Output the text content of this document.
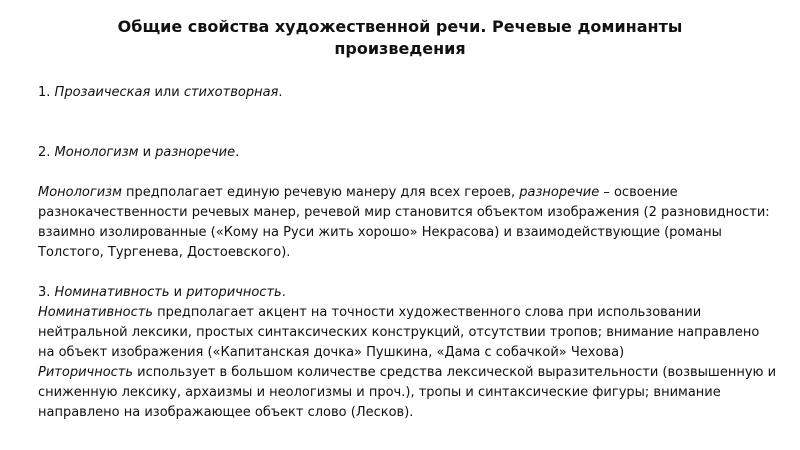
Общие свойства художественной речи. Речевые доминанты произведения

1. Прозаическая или стихотворная.

2. Монологизм и разноречие.

Монологизм предполагает единую речевую манеру для всех героев, разноречие – освоение разнокачественности речевых манер, речевой мир становится объектом изображения (2 разновидности: взаимно изолированные («Кому на Руси жить хорошо» Некрасова) и взаимодействующие (романы Толстого, Тургенева, Достоевского).

3. Номинативность и риторичность.

Номинативность предполагает акцент на точности художественного слова при использовании нейтральной лексики, простых синтаксических конструкций, отсутствии тропов; внимание направлено на объект изображения («Капитанская дочка» Пушкина, «Дама с собачкой» Чехова)

Риторичность использует в большом количестве средства лексической выразительности (возвышенную и сниженную лексику, архаизмы и неологизмы и проч.), тропы и синтаксические фигуры; внимание направлено на изображающее объект слово (Лесков).
